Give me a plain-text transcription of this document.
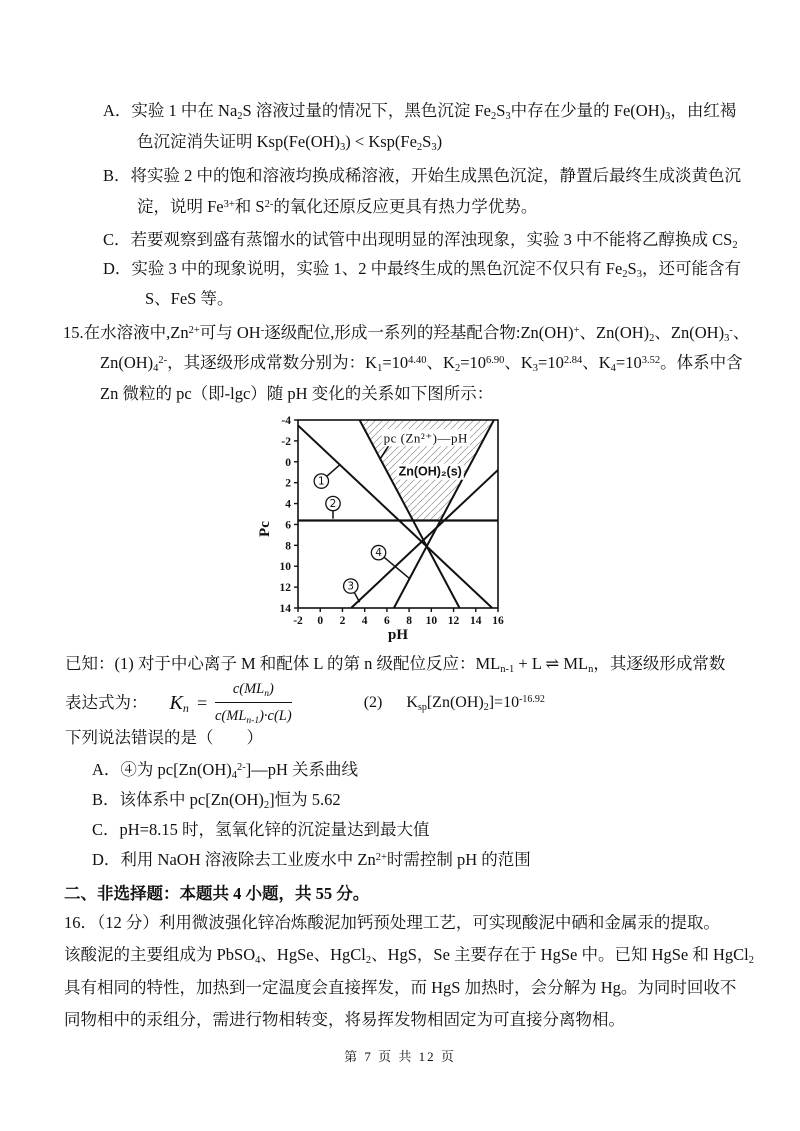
A．实验 1 中在 $Na_2S$ 溶液过量的情况下，黑色沉淀 $Fe_2S_3$中存在少量的 $Fe(OH)_3$，由红褐
色沉淀消失证明 $Ksp(Fe(OH)_3) < Ksp(Fe_2S_3)$
B．将实验 2 中的饱和溶液均换成稀溶液，开始生成黑色沉淀，静置后最终生成淡黄色沉
淀，说明 $Fe^{3+}$和 $S^{2-}$的氧化还原反应更具有热力学优势。
C．若要观察到盛有蒸馏水的试管中出现明显的浑浊现象，实验 3 中不能将乙醇换成 $CS_2$
D．实验 3 中的现象说明，实验 1、2 中最终生成的黑色沉淀不仅只有 $Fe_2S_3$，还可能含有
S、FeS 等。
15.在水溶液中$,Zn^{2+}$可与 OH-逐级配位,形成一系列的羟基配合物:Zn(OH)+、$Zn(OH)_2$、$Zn(OH)_3^-$、
$Zn(OH)_4^{2-}$，其逐级形成常数分别为：$K_1=10^{4.40}$、$K_2=10^{6.90}$、$K_3=10^{2.84}$、$K_4=10^{3.52}$。体系中含
Zn 微粒的 pc（即-lgc）随 pH 变化的关系如下图所示：
-2 0 2 4 6 8 10 12 14 16
-4
-2
0
2
4
6
8
10
12
14
Pc
pH
1
2
3
4
pc (Zn²⁺)—pH
Zn(OH)₂(s)
已知：(1) 对于中心离子 M 和配体 L 的第 n 级配位反应：$ML_{n-1} + L$ ⇌ $ML_n$，其逐级形成常数
表达式为： $K_n = \frac{c(ML_n)}{c(ML_{n-1})\cdot c(L)}$	(2) $K_{sp}[Zn(OH)_2]=10^{-16.92}$
下列说法错误的是（　　）
A．④为 $pc[Zn(OH)_4^{2-}]—pH$ 关系曲线
B．该体系中 $pc[Zn(OH)_2]$恒为 5.62
C．pH=8.15 时，氢氧化锌的沉淀量达到最大值
D．利用 NaOH 溶液除去工业废水中 $Zn^{2+}$时需控制 pH 的范围
二、非选择题：本题共 4 小题，共 55 分。
16．（12 分）利用微波强化锌冶炼酸泥加钙预处理工艺，可实现酸泥中硒和金属汞的提取。
该酸泥的主要组成为 PbSO$_4$、HgSe、HgCl$_2$、HgS，Se 主要存在于 HgSe 中。已知 HgSe 和 HgCl$_2$
具有相同的特性，加热到一定温度会直接挥发，而 HgS 加热时，会分解为 Hg。为同时回收不
同物相中的汞组分，需进行物相转变，将易挥发物相固定为可直接分离物相。
第 7 页 共 12 页
